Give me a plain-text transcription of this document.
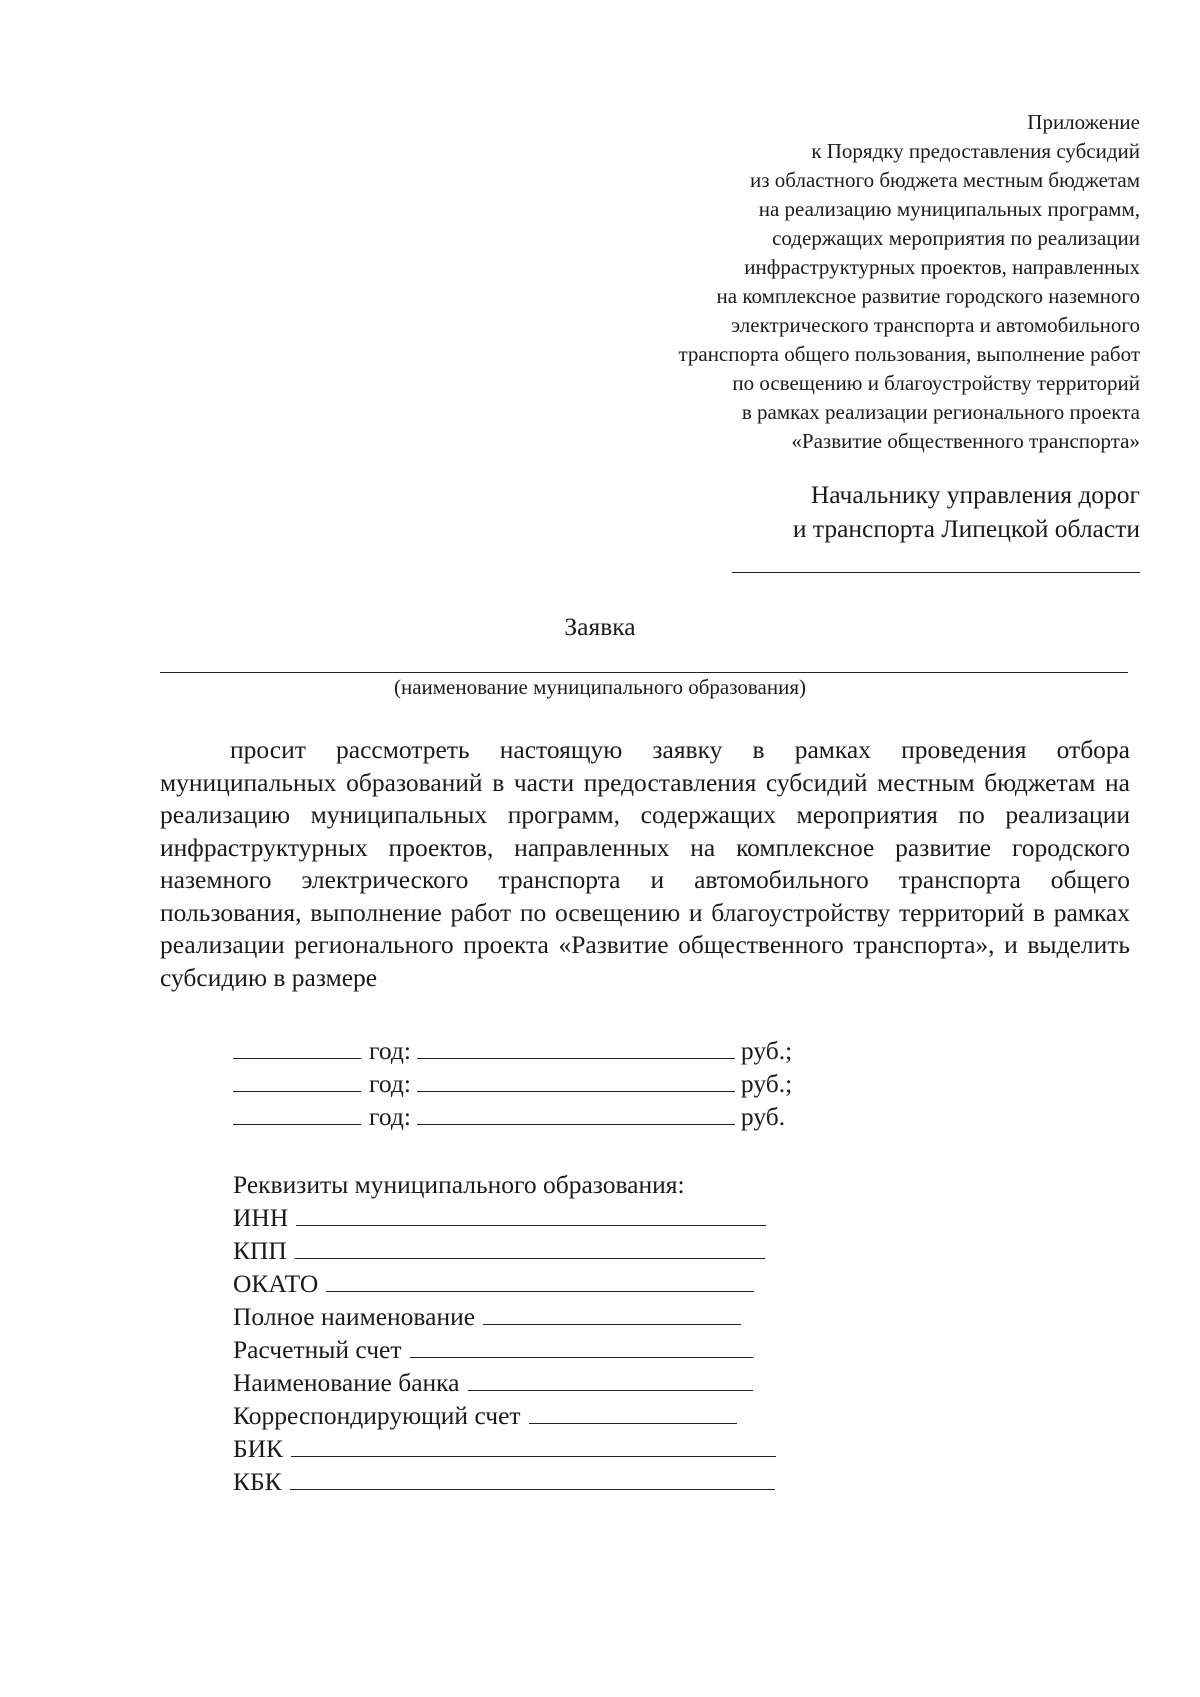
Приложение
к Порядку предоставления субсидий
из областного бюджета местным бюджетам
на реализацию муниципальных программ,
содержащих мероприятия по реализации
инфраструктурных проектов, направленных
на комплексное развитие городского наземного
электрического транспорта и автомобильного
транспорта общего пользования, выполнение работ
по освещению и благоустройству территорий
в рамках реализации регионального проекта
«Развитие общественного транспорта»
Начальнику управления дорог
и транспорта Липецкой области
Заявка
(наименование муниципального образования)
просит рассмотреть настоящую заявку в рамках проведения отбора муниципальных образований в части предоставления субсидий местным бюджетам на реализацию муниципальных программ, содержащих мероприятия по реализации инфраструктурных проектов, направленных на комплексное развитие городского наземного электрического транспорта и автомобильного транспорта общего пользования, выполнение работ по освещению и благоустройству территорий в рамках реализации регионального проекта «Развитие общественного транспорта», и выделить субсидию в размере
год:	руб.;
год:	руб.;
год:	руб.
Реквизиты муниципального образования:
ИНН
КПП
ОКАТО
Полное наименование
Расчетный счет
Наименование банка
Корреспондирующий счет
БИК
КБК
